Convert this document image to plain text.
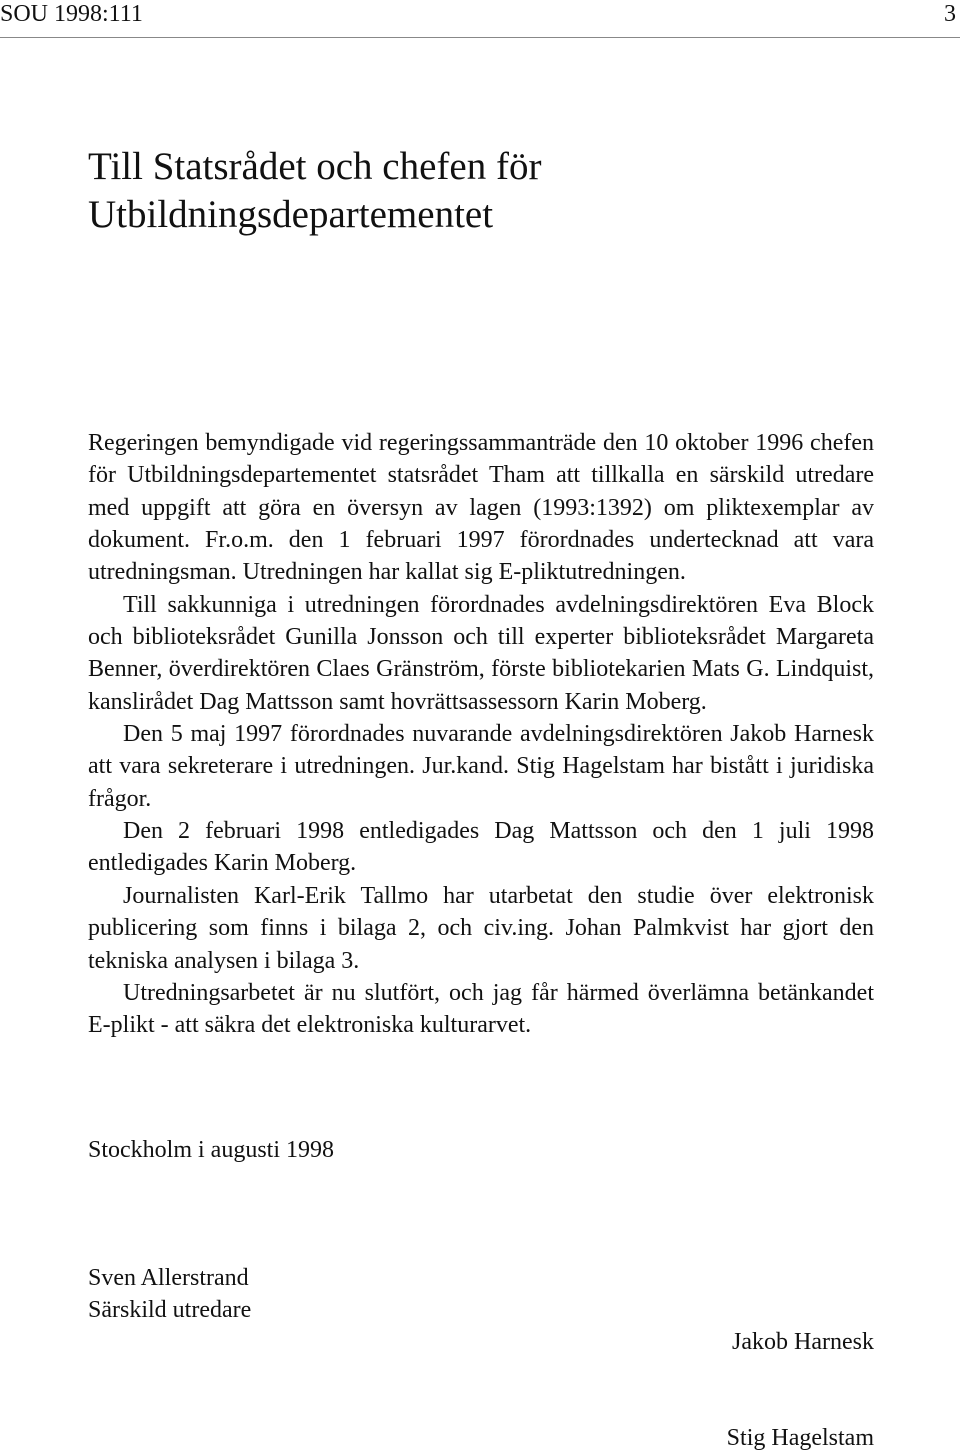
SOU 1998:111	3
Till Statsrådet och chefen för
Utbildningsdepartementet

Regeringen bemyndigade vid regeringssammanträde den 10 oktober 1996 chefen för Utbildningsdepartementet statsrådet Tham att tillkalla en särskild utredare med uppgift att göra en översyn av lagen (1993:1392) om pliktexemplar av dokument. Fr.o.m. den 1 februari 1997 förordnades undertecknad att vara utredningsman. Utredningen har kallat sig E-pliktutredningen.

Till sakkunniga i utredningen förordnades avdelningsdirektören Eva Block och biblioteksrådet Gunilla Jonsson och till experter biblioteksrådet Margareta Benner, överdirektören Claes Gränström, förste bibliotekarien Mats G. Lindquist, kanslirådet Dag Mattsson samt hovrättsassessorn Karin Moberg.

Den 5 maj 1997 förordnades nuvarande avdelningsdirektören Jakob Harnesk att vara sekreterare i utredningen. Jur.kand. Stig Hagelstam har bistått i juridiska frågor.

Den 2 februari 1998 entledigades Dag Mattsson och den 1 juli 1998 entledigades Karin Moberg.

Journalisten Karl-Erik Tallmo har utarbetat den studie över elektronisk publicering som finns i bilaga 2, och civ.ing. Johan Palmkvist har gjort den tekniska analysen i bilaga 3.

Utredningsarbetet är nu slutfört, och jag får härmed överlämna betänkandet E-plikt - att säkra det elektroniska kulturarvet.

Stockholm i augusti 1998
Sven Allerstrand
Särskild utredare
Jakob Harnesk
Stig Hagelstam
